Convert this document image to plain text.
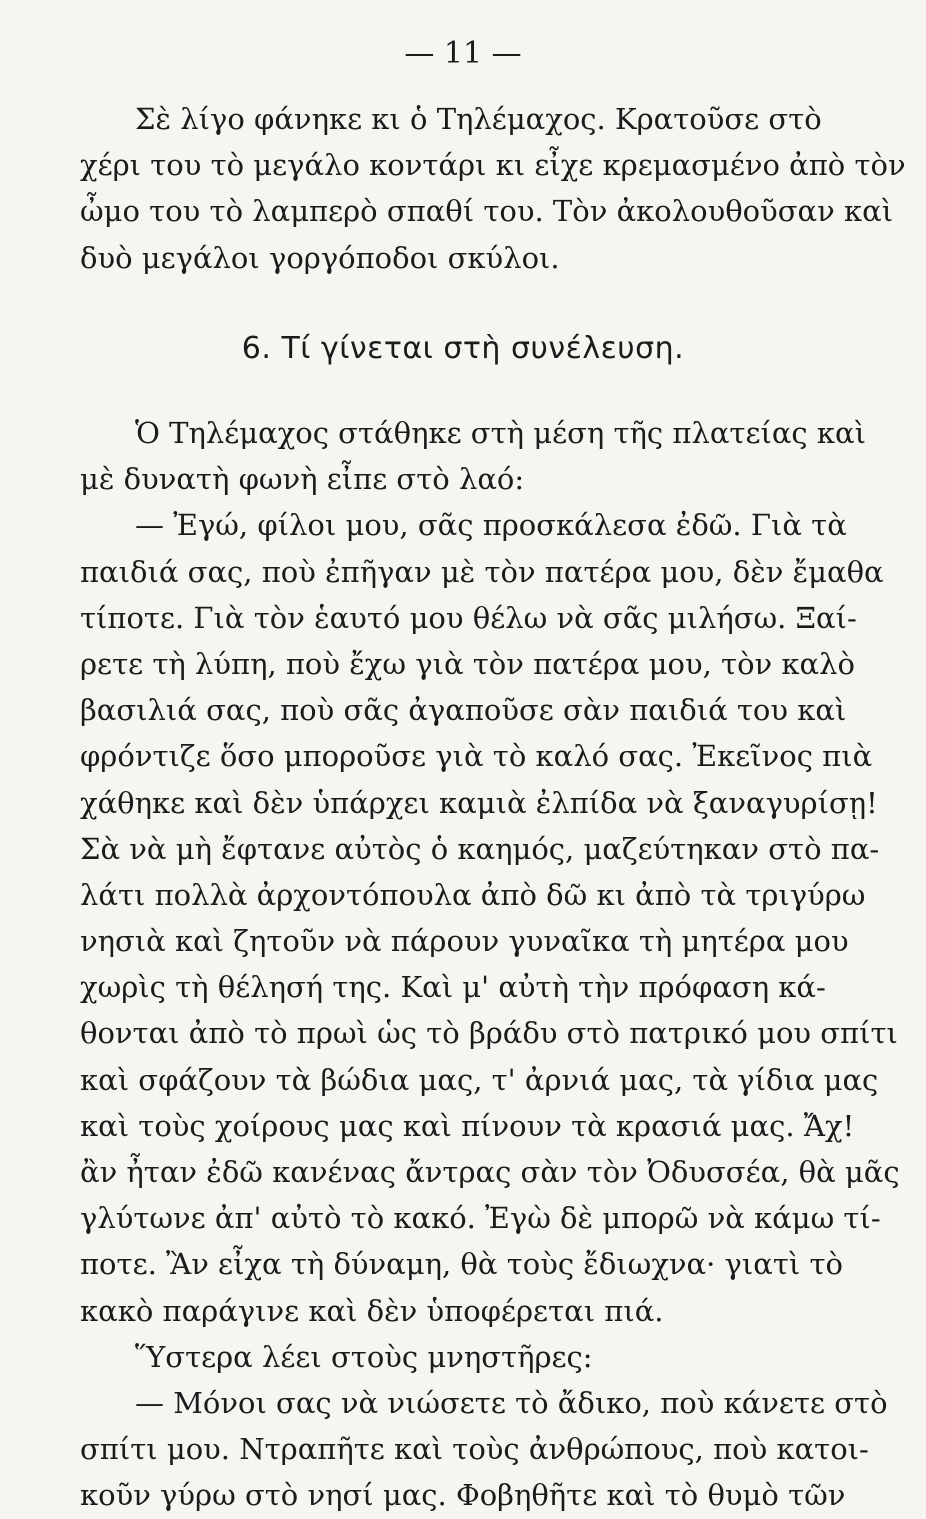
— 11 —
Σὲ λίγο φάνηκε κι ὁ Τηλέμαχος. Κρατοῦσε στὸ
χέρι του τὸ μεγάλο κοντάρι κι εἶχε κρεμασμένο ἀπὸ τὸν
ὦμο του τὸ λαμπερὸ σπαθί του. Τὸν ἀκολουθοῦσαν καὶ
δυὸ μεγάλοι γοργόποδοι σκύλοι.
6. Τί γίνεται στὴ συνέλευση.
Ὁ Τηλέμαχος στάθηκε στὴ μέση τῆς πλατείας καὶ
μὲ δυνατὴ φωνὴ εἶπε στὸ λαό:
— Ἐγώ, φίλοι μου, σᾶς προσκάλεσα ἐδῶ. Γιὰ τὰ
παιδιά σας, ποὺ ἐπῆγαν μὲ τὸν πατέρα μου, δὲν ἔμαθα
τίποτε. Γιὰ τὸν ἑαυτό μου θέλω νὰ σᾶς μιλήσω. Ξαί-
ρετε τὴ λύπη, ποὺ ἔχω γιὰ τὸν πατέρα μου, τὸν καλὸ
βασιλιά σας, ποὺ σᾶς ἀγαποῦσε σὰν παιδιά του καὶ
φρόντιζε ὅσο μποροῦσε γιὰ τὸ καλό σας. Ἐκεῖνος πιὰ
χάθηκε καὶ δὲν ὑπάρχει καμιὰ ἐλπίδα νὰ ξαναγυρίσῃ!
Σὰ νὰ μὴ ἔφτανε αὐτὸς ὁ καημός, μαζεύτηκαν στὸ πα-
λάτι πολλὰ ἀρχοντόπουλα ἀπὸ δῶ κι ἀπὸ τὰ τριγύρω
νησιὰ καὶ ζητοῦν νὰ πάρουν γυναῖκα τὴ μητέρα μου
χωρὶς τὴ θέλησή της. Καὶ μ' αὐτὴ τὴν πρόφαση κά-
θονται ἀπὸ τὸ πρωὶ ὡς τὸ βράδυ στὸ πατρικό μου σπίτι
καὶ σφάζουν τὰ βώδια μας, τ' ἀρνιά μας, τὰ γίδια μας
καὶ τοὺς χοίρους μας καὶ πίνουν τὰ κρασιά μας. Ἄχ!
ἂν ἦταν ἐδῶ κανένας ἄντρας σὰν τὸν Ὀδυσσέα, θὰ μᾶς
γλύτωνε ἀπ' αὐτὸ τὸ κακό. Ἐγὼ δὲ μπορῶ νὰ κάμω τί-
ποτε. Ἂν εἶχα τὴ δύναμη, θὰ τοὺς ἔδιωχνα· γιατὶ τὸ
κακὸ παράγινε καὶ δὲν ὑποφέρεται πιά.
Ὕστερα λέει στοὺς μνηστῆρες:
— Μόνοι σας νὰ νιώσετε τὸ ἄδικο, ποὺ κάνετε στὸ
σπίτι μου. Ντραπῆτε καὶ τοὺς ἀνθρώπους, ποὺ κατοι-
κοῦν γύρω στὸ νησί μας. Φοβηθῆτε καὶ τὸ θυμὸ τῶν
